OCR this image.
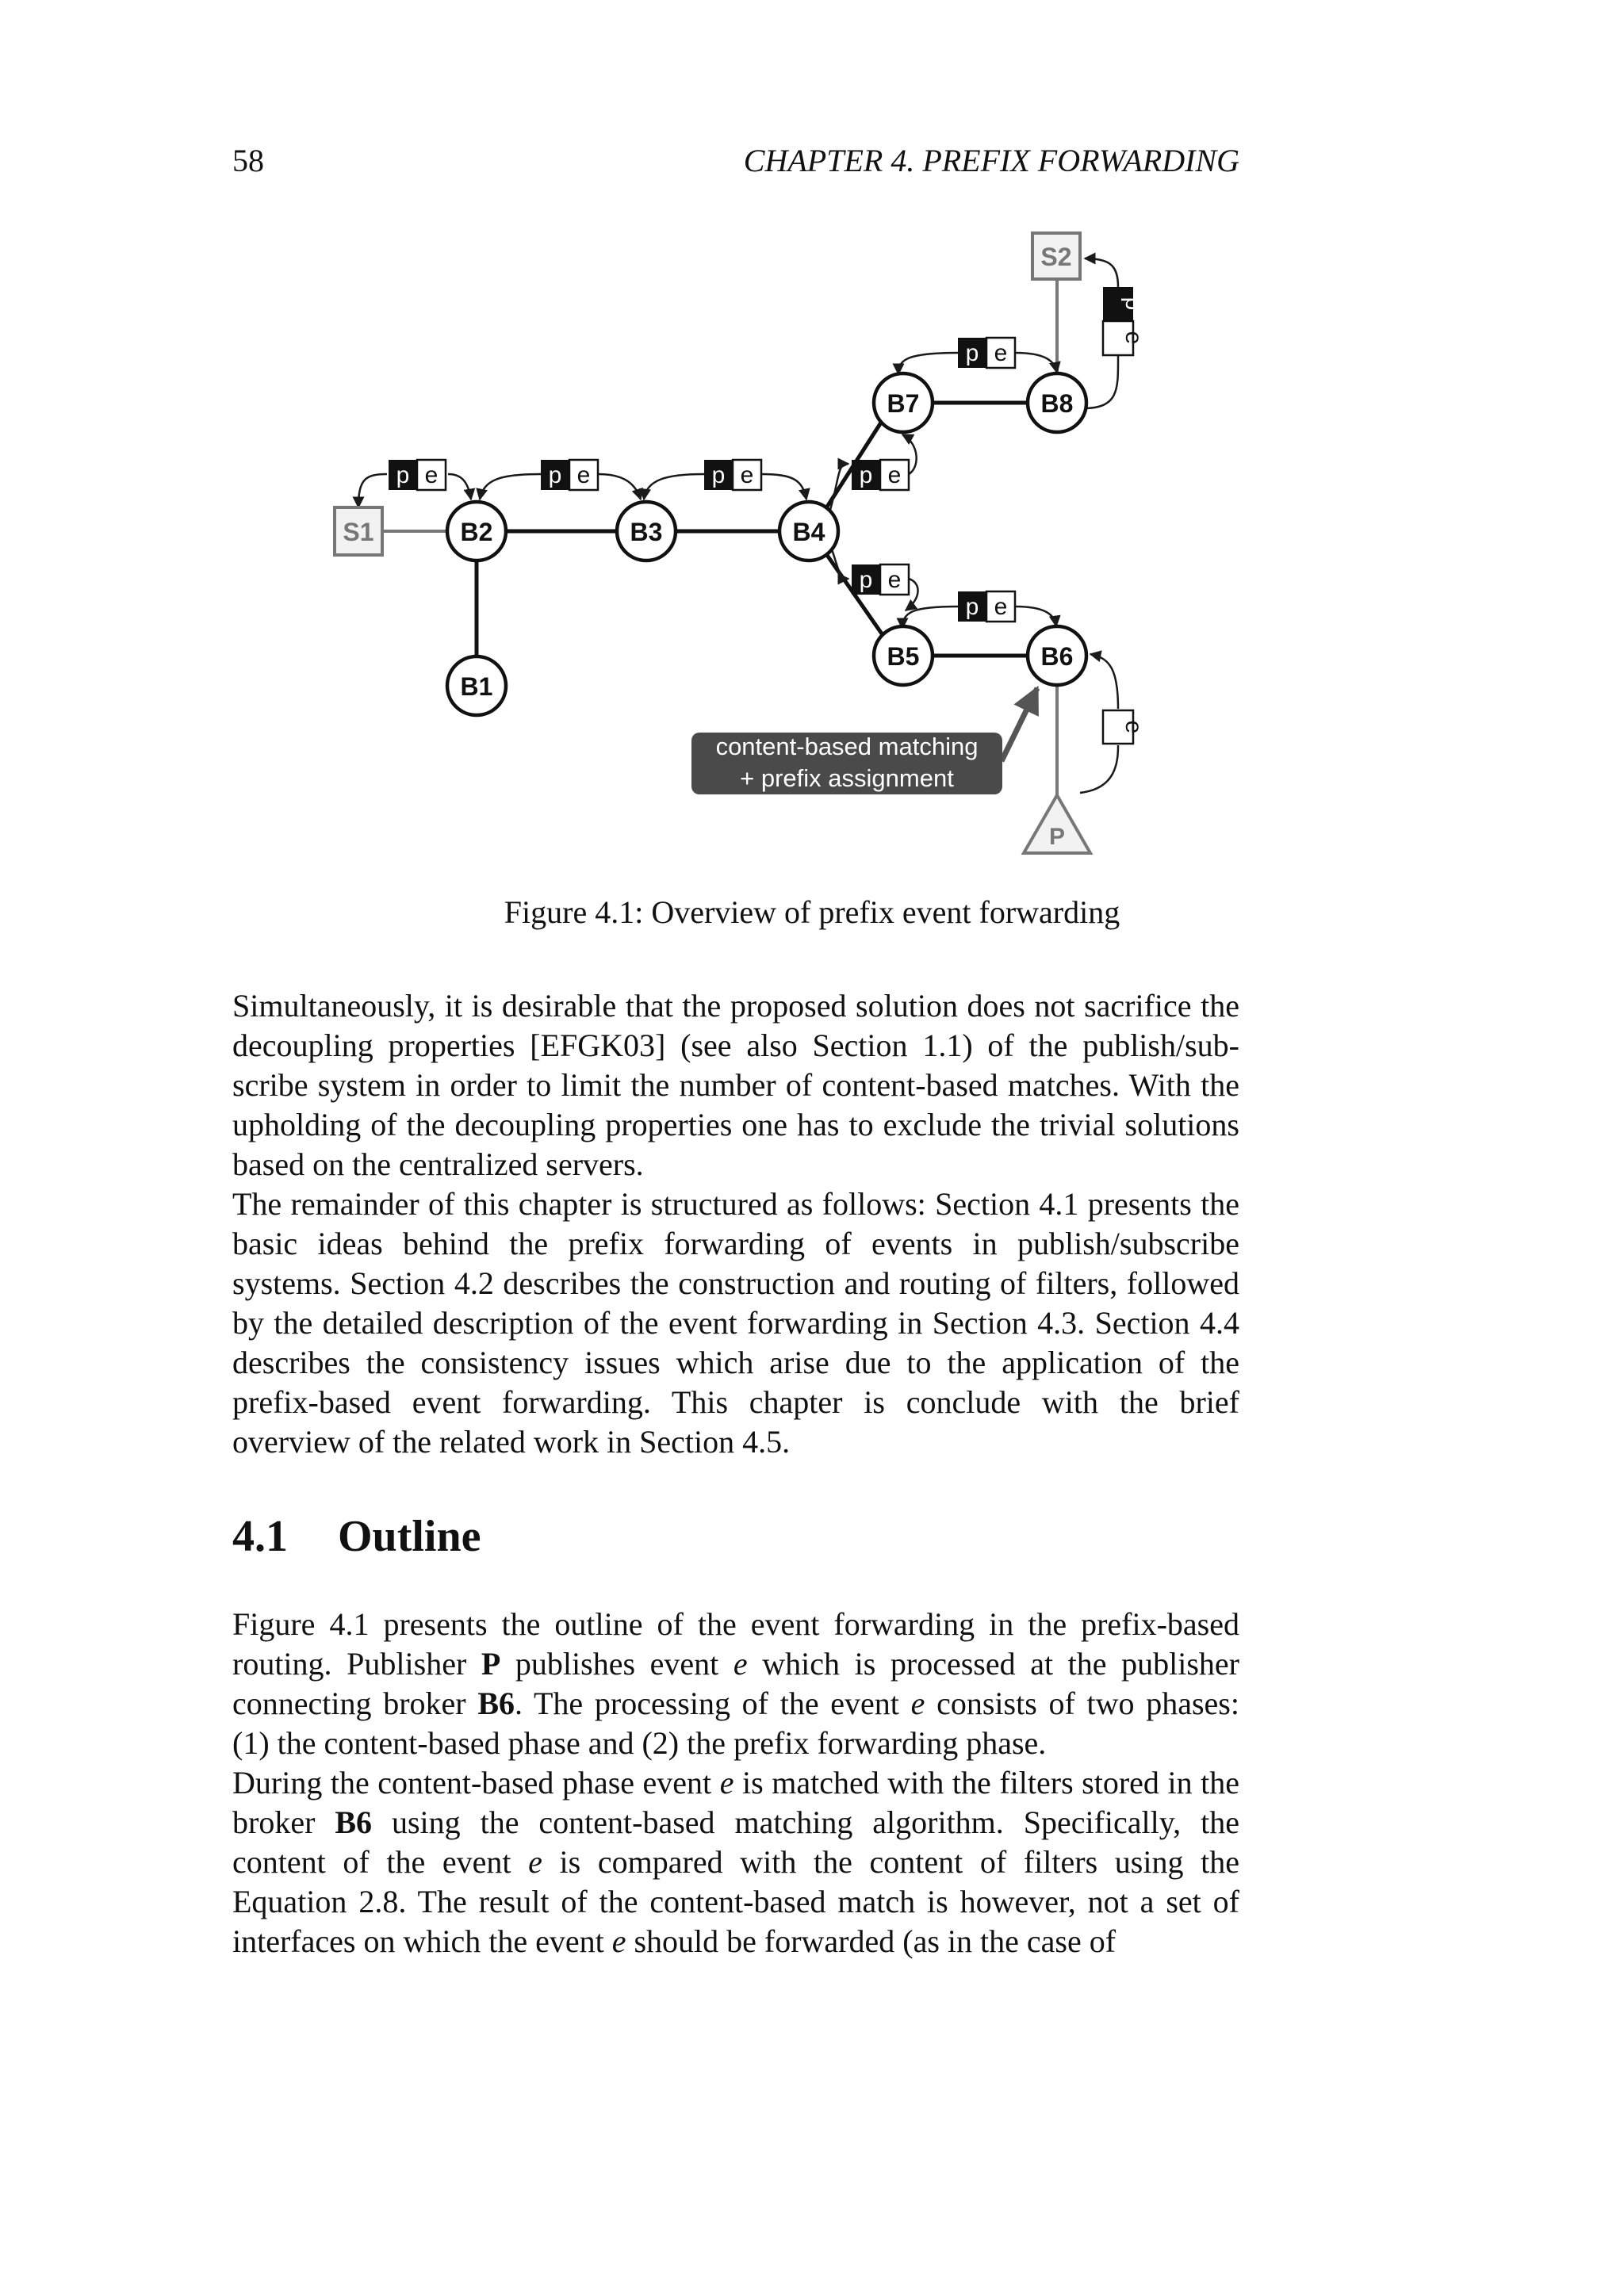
58	CHAPTER 4. PREFIX FORWARDING
p e	p e	p e	p e
p e
p e
p e
p
e
e
S1
S2
P
B2	B3	B4
B1
B7	B8
B5	B6
content-based matching
+ prefix assignment
Figure 4.1: Overview of prefix event forwarding

Simultaneously, it is desirable that the proposed solution does not sacrifice the decoupling properties [EFGK03] (see also Section 1.1) of the publish/sub-scribe system in order to limit the number of content-based matches. With the upholding of the decoupling properties one has to exclude the trivial solutions based on the centralized servers.

The remainder of this chapter is structured as follows: Section 4.1 presents the basic ideas behind the prefix forwarding of events in publish/subscribe systems. Section 4.2 describes the construction and routing of filters, followed by the detailed description of the event forwarding in Section 4.3. Section 4.4 describes the consistency issues which arise due to the application of the prefix-based event forwarding. This chapter is conclude with the brief overview of the related work in Section 4.5.

4.1 Outline

Figure 4.1 presents the outline of the event forwarding in the prefix-based routing. Publisher P publishes event e which is processed at the publisher connecting broker B6. The processing of the event e consists of two phases: (1) the content-based phase and (2) the prefix forwarding phase.

During the content-based phase event e is matched with the filters stored in the broker B6 using the content-based matching algorithm. Specifically, the content of the event e is compared with the content of filters using the Equation 2.8. The result of the content-based match is however, not a set of interfaces on which the event e should be forwarded (as in the case of
